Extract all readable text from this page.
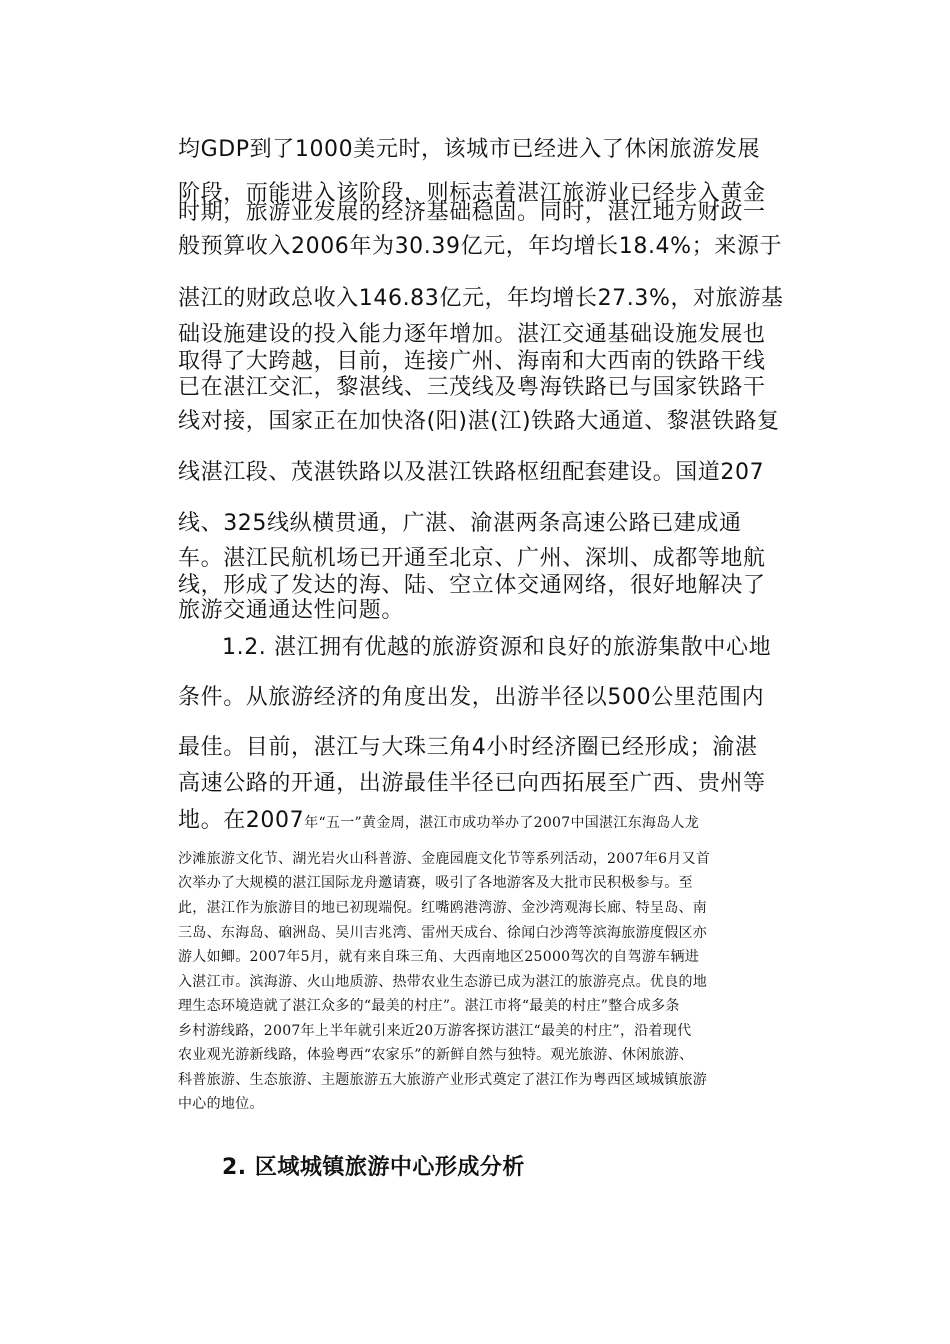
均GDP到了1000美元时，该城市已经进入了休闲旅游发展
阶段，而能进入该阶段，则标志着湛江旅游业已经步入黄金
时期，旅游业发展的经济基础稳固。同时，湛江地方财政一
般预算收入2006年为30.39亿元，年均增长18.4%；来源于
湛江的财政总收入146.83亿元，年均增长27.3%，对旅游基
础设施建设的投入能力逐年增加。湛江交通基础设施发展也
取得了大跨越，目前，连接广州、海南和大西南的铁路干线
已在湛江交汇，黎湛线、三茂线及粤海铁路已与国家铁路干
线对接，国家正在加快洛(阳)湛(江)铁路大通道、黎湛铁路复
线湛江段、茂湛铁路以及湛江铁路枢纽配套建设。国道207
线、325线纵横贯通，广湛、渝湛两条高速公路已建成通
车。湛江民航机场已开通至北京、广州、深圳、成都等地航
线，形成了发达的海、陆、空立体交通网络，很好地解决了
旅游交通通达性问题。
1.2. 湛江拥有优越的旅游资源和良好的旅游集散中心地
条件。从旅游经济的角度出发，出游半径以500公里范围内
最佳。目前，湛江与大珠三角4小时经济圈已经形成；渝湛
高速公路的开通，出游最佳半径已向西拓展至广西、贵州等
地。在2007年“五一”黄金周，湛江市成功举办了2007中国湛江东海岛人龙
沙滩旅游文化节、湖光岩火山科普游、金鹿园鹿文化节等系列活动，2007年6月又首
次举办了大规模的湛江国际龙舟邀请赛，吸引了各地游客及大批市民积极参与。至
此，湛江作为旅游目的地已初现端倪。红嘴鸥港湾游、金沙湾观海长廊、特呈岛、南
三岛、东海岛、硇洲岛、吴川吉兆湾、雷州天成台、徐闻白沙湾等滨海旅游度假区亦
游人如鲫。2007年5月，就有来自珠三角、大西南地区25000驾次的自驾游车辆进
入湛江市。滨海游、火山地质游、热带农业生态游已成为湛江的旅游亮点。优良的地
理生态环境造就了湛江众多的“最美的村庄”。湛江市将“最美的村庄”整合成多条
乡村游线路，2007年上半年就引来近20万游客探访湛江“最美的村庄”，沿着现代
农业观光游新线路，体验粤西“农家乐”的新鲜自然与独特。观光旅游、休闲旅游、
科普旅游、生态旅游、主题旅游五大旅游产业形式奠定了湛江作为粤西区域城镇旅游
中心的地位。
2. 区域城镇旅游中心形成分析
